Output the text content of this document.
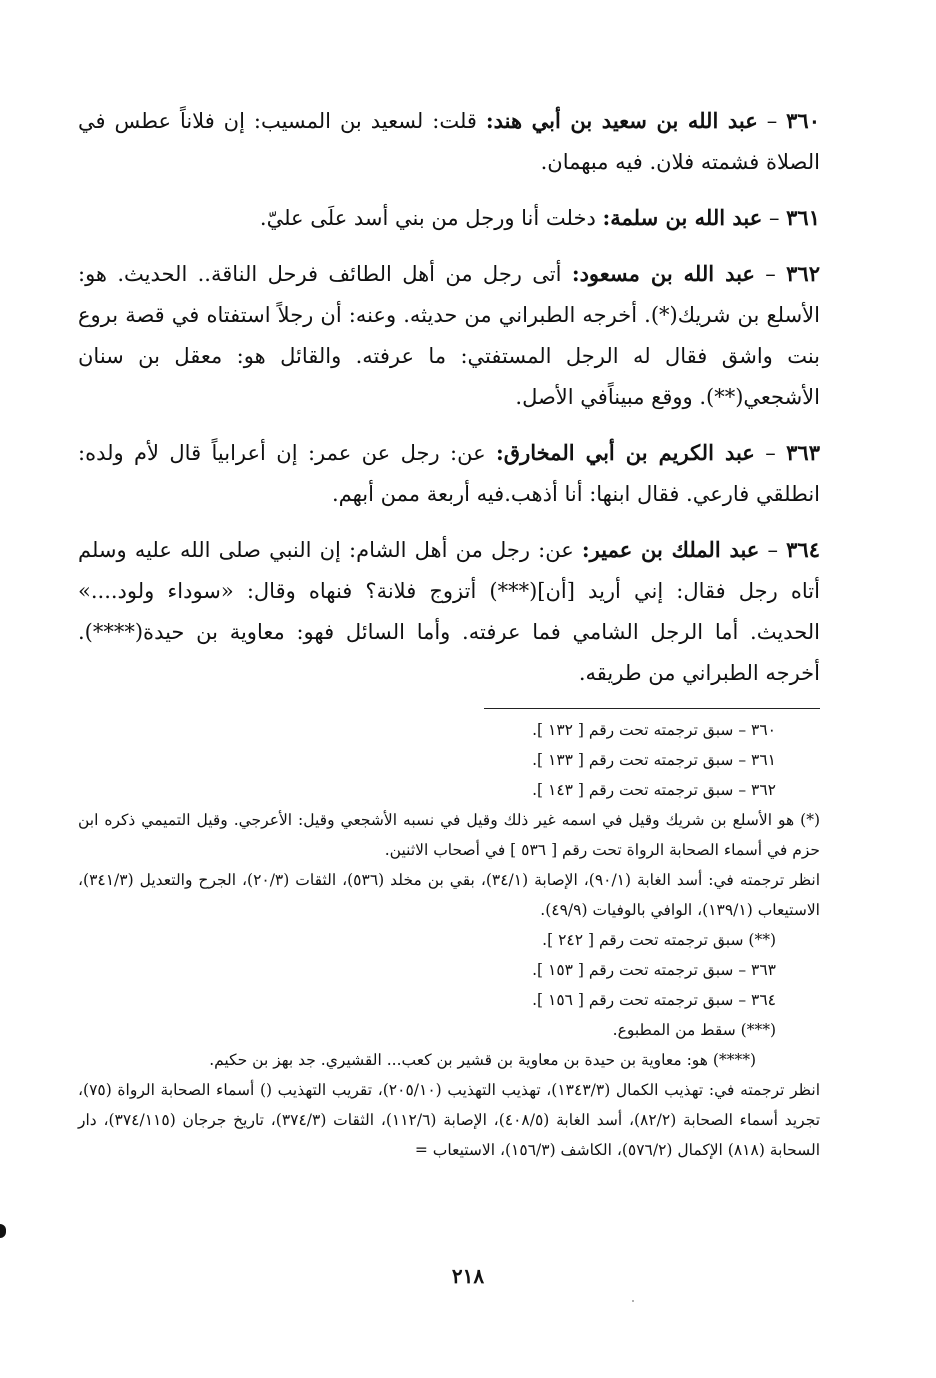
٣٦٠ – عبد الله بن سعيد بن أبي هند: قلت: لسعيد بن المسيب: إن فلاناً عطس في الصلاة فشمته فلان. فيه مبهمان.

٣٦١ – عبد الله بن سلمة: دخلت أنا ورجل من بني أسد علَى عليّ.

٣٦٢ – عبد الله بن مسعود: أتى رجل من أهل الطائف فرحل الناقة.. الحديث. هو: الأسلع بن شريك(*). أخرجه الطبراني من حديثه. وعنه: أن رجلاً استفتاه في قصة بروع بنت واشق فقال له الرجل المستفتي: ما عرفته. والقائل هو: معقل بن سنان الأشجعي(**). ووقع مبيناًفي الأصل.

٣٦٣ – عبد الكريم بن أبي المخارق: عن: رجل عن عمر: إن أعرابياً قال لأم ولده: انطلقي فارعي. فقال ابنها: أنا أذهب.فيه أربعة ممن أبهم.

٣٦٤ – عبد الملك بن عمير: عن: رجل من أهل الشام: إن النبي صلى الله عليه وسلم أتاه رجل فقال: إني أريد [أن](***) أتزوج فلانة؟ فنهاه وقال: «سوداء ولود....» الحديث. أما الرجل الشامي فما عرفته. وأما السائل فهو: معاوية بن حيدة(****). أخرجه الطبراني من طريقه.

٣٦٠ – سبق ترجمته تحت رقم [ ١٣٢ ].

٣٦١ – سبق ترجمته تحت رقم [ ١٣٣ ].

٣٦٢ – سبق ترجمته تحت رقم [ ١٤٣ ].

(*) هو الأسلع بن شريك وقيل في اسمه غير ذلك وقيل في نسبه الأشجعي وقيل: الأعرجي. وقيل التميمي ذكره ابن حزم في أسماء الصحابة الرواة تحت رقم [ ٥٣٦ ] في أصحاب الاثنين.

انظر ترجمته في: أسد الغابة (٩٠/١)، الإصابة (٣٤/١)، بقي بن مخلد (٥٣٦)، الثقات (٢٠/٣)، الجرح والتعديل (٣٤١/٣)، الاستيعاب (١٣٩/١)، الوافي بالوفيات (٤٩/٩).

(**) سبق ترجمته تحت رقم [ ٢٤٢ ].

٣٦٣ – سبق ترجمته تحت رقم [ ١٥٣ ].

٣٦٤ – سبق ترجمته تحت رقم [ ١٥٦ ].

(***) سقط من المطبوع.

(****) هو: معاوية بن حيدة بن معاوية بن قشير بن كعب... القشيري. جد بهز بن حكيم.

انظر ترجمته في: تهذيب الكمال (١٣٤٣/٣)، تهذيب التهذيب (٢٠٥/١٠)، تقريب التهذيب () أسماء الصحابة الرواة (٧٥)، تجريد أسماء الصحابة (٨٢/٢)، أسد الغابة (٤٠٨/٥)، الإصابة (١١٢/٦)، الثقات (٣٧٤/٣)، تاريخ جرجان (٣٧٤/١١٥)، دار السحابة (٨١٨) الإكمال (٥٧٦/٢)، الكاشف (١٥٦/٣)، الاستيعاب =

٢١٨
